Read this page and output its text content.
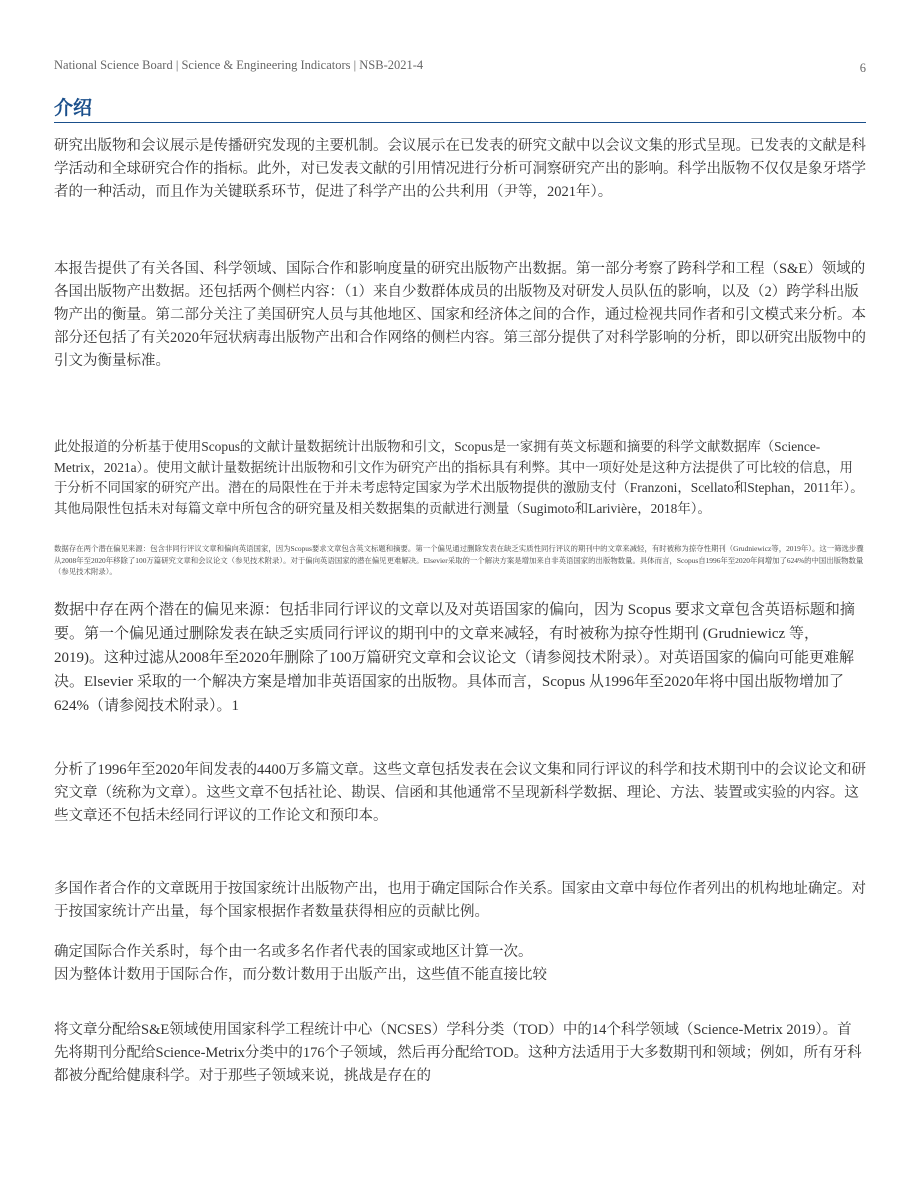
National Science Board | Science & Engineering Indicators | NSB-2021-4	6
介绍

研究出版物和会议展示是传播研究发现的主要机制。会议展示在已发表的研究文献中以会议文集的形式呈现。已发表的文献是科学活动和全球研究合作的指标。此外，对已发表文献的引用情况进行分析可洞察研究产出的影响。科学出版物不仅仅是象牙塔学者的一种活动，而且作为关键联系环节，促进了科学产出的公共利用（尹等，2021年）。

本报告提供了有关各国、科学领域、国际合作和影响度量的研究出版物产出数据。第一部分考察了跨科学和工程（S&E）领域的各国出版物产出数据。还包括两个侧栏内容：（1）来自少数群体成员的出版物及对研发人员队伍的影响，以及（2）跨学科出版物产出的衡量。第二部分关注了美国研究人员与其他地区、国家和经济体之间的合作，通过检视共同作者和引文模式来分析。本部分还包括了有关2020年冠状病毒出版物产出和合作网络的侧栏内容。第三部分提供了对科学影响的分析，即以研究出版物中的引文为衡量标准。

此处报道的分析基于使用Scopus的文献计量数据统计出版物和引文，Scopus是一家拥有英文标题和摘要的科学文献数据库（Science-Metrix，2021a）。使用文献计量数据统计出版物和引文作为研究产出的指标具有利弊。其中一项好处是这种方法提供了可比较的信息，用于分析不同国家的研究产出。潜在的局限性在于并未考虑特定国家为学术出版物提供的激励支付（Franzoni，Scellato和Stephan，2011年）。其他局限性包括未对每篇文章中所包含的研究量及相关数据集的贡献进行测量（Sugimoto和Larivière，2018年）。

数据存在两个潜在偏见来源：包含非同行评议文章和偏向英语国家，因为Scopus要求文章包含英文标题和摘要。第一个偏见通过删除发表在缺乏实质性同行评议的期刊中的文章来减轻，有时被称为掠夺性期刊（Grudniewicz等，2019年）。这一筛选步骤从2008年至2020年移除了100万篇研究文章和会议论文（参见技术附录）。对于偏向英语国家的潜在偏见更难解决。Elsevier采取的一个解决方案是增加来自非英语国家的出版物数量。具体而言，Scopus自1996年至2020年间增加了624%的中国出版物数量（参见技术附录）。

数据中存在两个潜在的偏见来源：包括非同行评议的文章以及对英语国家的偏向，因为 Scopus 要求文章包含英语标题和摘要。第一个偏见通过删除发表在缺乏实质同行评议的期刊中的文章来减轻，有时被称为掠夺性期刊 (Grudniewicz 等，2019)。这种过滤从2008年至2020年删除了100万篇研究文章和会议论文（请参阅技术附录）。对英语国家的偏向可能更难解决。Elsevier 采取的一个解决方案是增加非英语国家的出版物。具体而言，Scopus 从1996年至2020年将中国出版物增加了624%（请参阅技术附录）。1

分析了1996年至2020年间发表的4400万多篇文章。这些文章包括发表在会议文集和同行评议的科学和技术期刊中的会议论文和研究文章（统称为文章）。这些文章不包括社论、勘误、信函和其他通常不呈现新科学数据、理论、方法、装置或实验的内容。这些文章还不包括未经同行评议的工作论文和预印本。

多国作者合作的文章既用于按国家统计出版物产出，也用于确定国际合作关系。国家由文章中每位作者列出的机构地址确定。对于按国家统计产出量，每个国家根据作者数量获得相应的贡献比例。

确定国际合作关系时，每个由一名或多名作者代表的国家或地区计算一次。

因为整体计数用于国际合作，而分数计数用于出版产出，这些值不能直接比较

将文章分配给S&E领域使用国家科学工程统计中心（NCSES）学科分类（TOD）中的14个科学领域（Science-Metrix 2019）。首先将期刊分配给Science-Metrix分类中的176个子领域，然后再分配给TOD。这种方法适用于大多数期刊和领域；例如，所有牙科都被分配给健康科学。对于那些子领域来说，挑战是存在的
